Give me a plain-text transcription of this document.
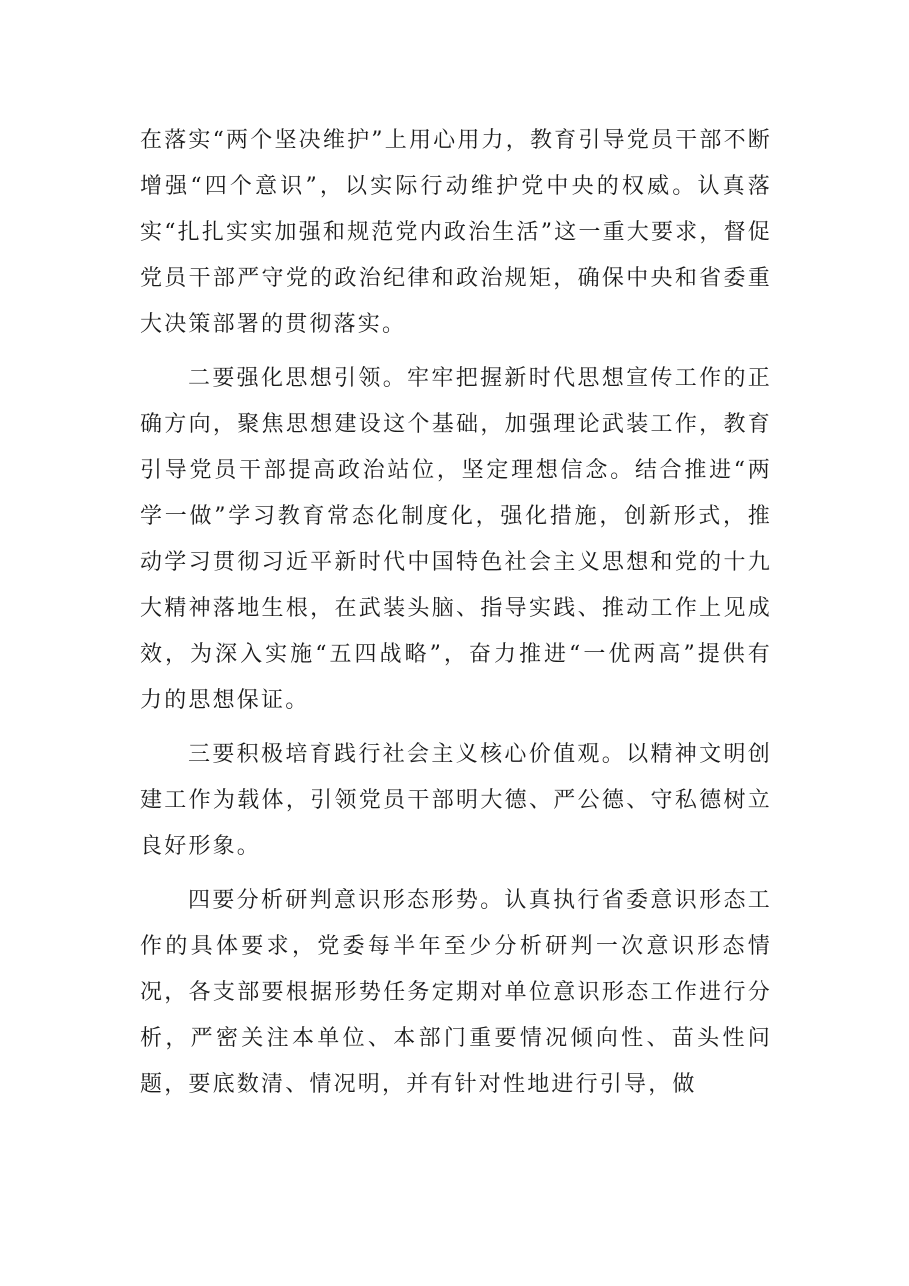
在落实“两个坚决维护”上用心用力，教育引导党员干部不断增强“四个意识”，以实际行动维护党中央的权威。认真落实“扎扎实实加强和规范党内政治生活”这一重大要求，督促党员干部严守党的政治纪律和政治规矩，确保中央和省委重大决策部署的贯彻落实。

二要强化思想引领。牢牢把握新时代思想宣传工作的正确方向，聚焦思想建设这个基础，加强理论武装工作，教育引导党员干部提高政治站位，坚定理想信念。结合推进“两学一做”学习教育常态化制度化，强化措施，创新形式，推动学习贯彻习近平新时代中国特色社会主义思想和党的十九大精神落地生根，在武装头脑、指导实践、推动工作上见成效，为深入实施“五四战略”，奋力推进“一优两高”提供有力的思想保证。

三要积极培育践行社会主义核心价值观。以精神文明创建工作为载体，引领党员干部明大德、严公德、守私德树立良好形象。

四要分析研判意识形态形势。认真执行省委意识形态工作的具体要求，党委每半年至少分析研判一次意识形态情况，各支部要根据形势任务定期对单位意识形态工作进行分析，严密关注本单位、本部门重要情况倾向性、苗头性问题，要底数清、情况明，并有针对性地进行引导，做
